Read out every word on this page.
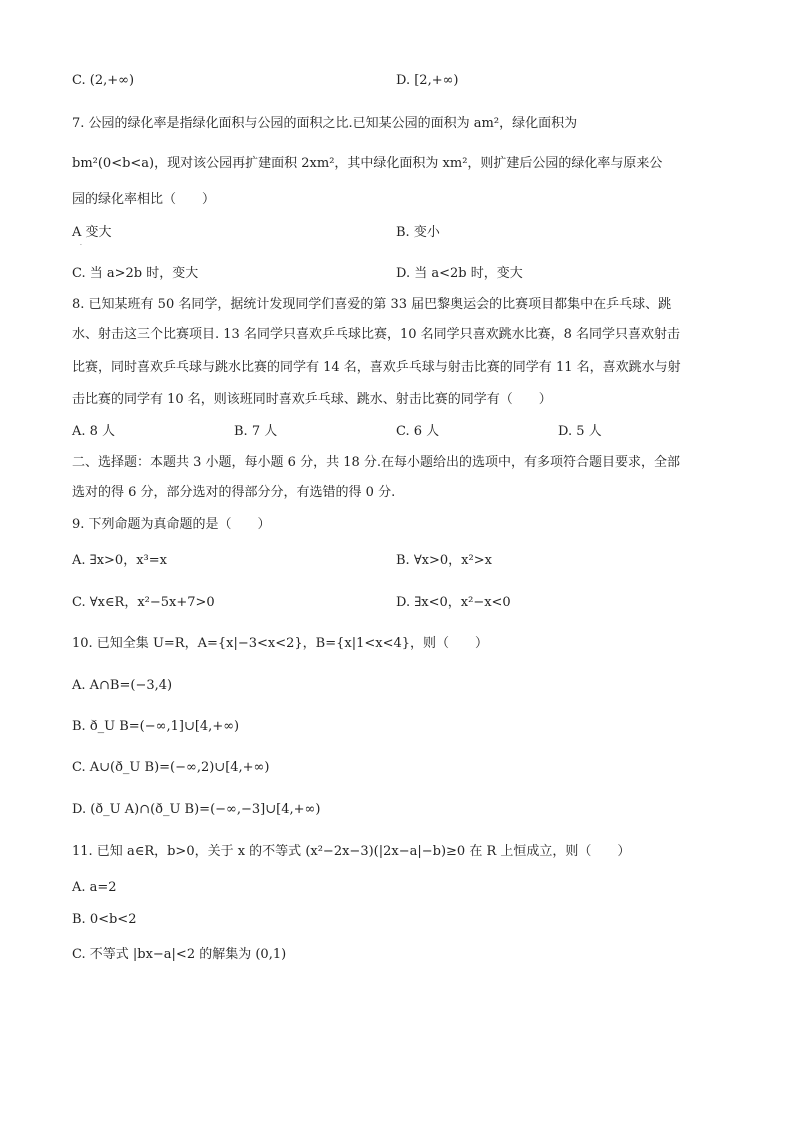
C. (2,+∞)	D. [2,+∞)
7. 公园的绿化率是指绿化面积与公园的面积之比.已知某公园的面积为 am²，绿化面积为
bm²(0<b<a)，现对该公园再扩建面积 2xm²，其中绿化面积为 xm²，则扩建后公园的绿化率与原来公
园的绿化率相比（　　）
A 变大
·
B. 变小
C. 当 a>2b 时，变大	D. 当 a<2b 时，变大
8. 已知某班有 50 名同学，据统计发现同学们喜爱的第 33 届巴黎奥运会的比赛项目都集中在乒乓球、跳
水、射击这三个比赛项目. 13 名同学只喜欢乒乓球比赛，10 名同学只喜欢跳水比赛，8 名同学只喜欢射击
比赛，同时喜欢乒乓球与跳水比赛的同学有 14 名，喜欢乒乓球与射击比赛的同学有 11 名，喜欢跳水与射
击比赛的同学有 10 名，则该班同时喜欢乒乓球、跳水、射击比赛的同学有（　　）
A. 8 人	B. 7 人	C. 6 人	D. 5 人
二、选择题：本题共 3 小题，每小题 6 分，共 18 分.在每小题给出的选项中，有多项符合题目要求，全部
选对的得 6 分，部分选对的得部分分，有选错的得 0 分.
9. 下列命题为真命题的是（　　）
A. ∃x>0，x³=x	B. ∀x>0，x²>x
C. ∀x∈R，x²−5x+7>0	D. ∃x<0，x²−x<0
10. 已知全集 U=R，A={x|−3<x<2}，B={x|1<x<4}，则（　　）
A. A∩B=(−3,4)
B. ð_U B=(−∞,1]∪[4,+∞)
C. A∪(ð_U B)=(−∞,2)∪[4,+∞)
D. (ð_U A)∩(ð_U B)=(−∞,−3]∪[4,+∞)
11. 已知 a∈R，b>0，关于 x 的不等式 (x²−2x−3)(|2x−a|−b)≥0 在 R 上恒成立，则（　　）
A. a=2
B. 0<b<2
C. 不等式 |bx−a|<2 的解集为 (0,1)
